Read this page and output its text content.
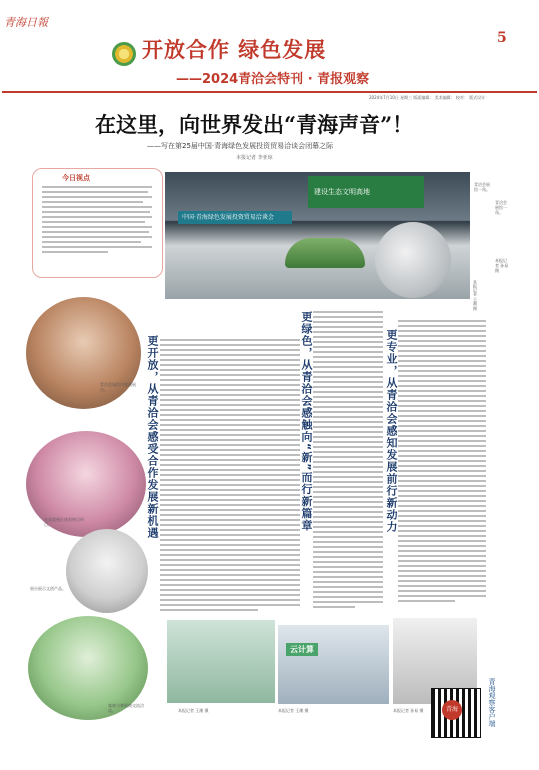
青海日報
5
开放合作 绿色发展
——2024青洽会特刊 · 青报观察
2024年7月10日 星期三 版面编辑： 美术编辑： 校对： 版式设计：
在这里，向世界发出“青海声音”！
——写在第25届中国·青海绿色发展投资贸易洽谈会闭幕之际
本报记者 李亚琼
今日视点
中国·青海绿色发展投资贸易洽谈会
建设生态文明高地
青洽会展馆一角。
本报记者 王湘 摄
青洽会场馆内客商展台。
在非遗展区体验热点项目。
展台展示文创产品。
客商与参展商交流洽谈。
更开放，从青洽会感受合作发展新机遇	更绿色，从青洽会感触向“新”而行新篇章	更专业，从青洽会感知发展前行新动力
青洽会展馆一角。
本报记者 孙易 摄
云计算
本报记者 王湘 摄	本报记者 王湘 摄	本报记者 孙易 摄	青海	青海观察客户端
